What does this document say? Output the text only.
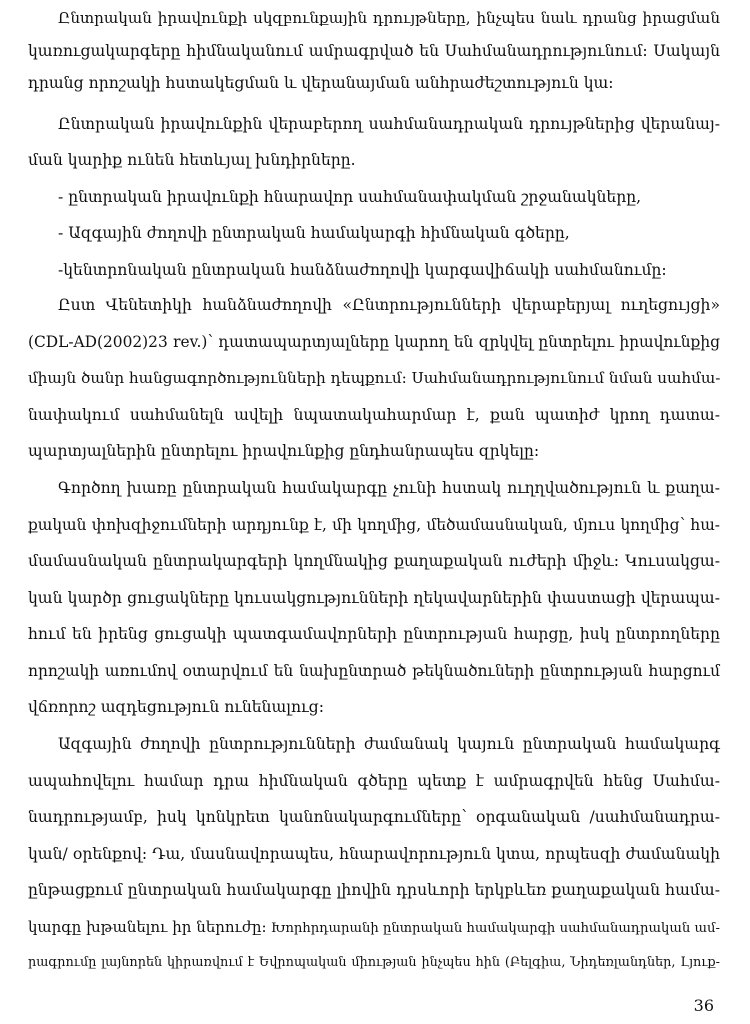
Ընտրական իրավունքի սկզբունքային դրույթները, ինչպես նաև դրանց իրացման
կառուցակարգերը հիմնականում ամրագրված են Սահմանադրությունում: Սակայն
դրանց որոշակի հստակեցման և վերանայման անհրաժեշտություն կա:
Ընտրական իրավունքին վերաբերող սահմանադրական դրույթներից վերանայ-
ման կարիք ունեն հետևյալ խնդիրները.
- ընտրական իրավունքի հնարավոր սահմանափակման շրջանակները,
- Ազգային ժողովի ընտրական համակարգի հիմնական գծերը,
-կենտրոնական ընտրական հանձնաժողովի կարգավիճակի սահմանումը:
Ըստ Վենետիկի հանձնաժողովի «Ընտրությունների վերաբերյալ ուղեցույցի»
(CDL-AD(2002)23 rev.)՝ դատապարտյալները կարող են զրկվել ընտրելու իրավունքից
միայն ծանր հանցագործությունների դեպքում: Սահմանադրությունում նման սահմա-
նափակում սահմանելն ավելի նպատակահարմար է, քան պատիժ կրող դատա-
պարտյալներին ընտրելու իրավունքից ընդհանրապես զրկելը:
Գործող խառը ընտրական համակարգը չունի հստակ ուղղվածություն և քաղա-
քական փոխզիջումների արդյունք է, մի կողմից, մեծամասնական, մյուս կողմից՝ հա-
մամասնական ընտրակարգերի կողմնակից քաղաքական ուժերի միջև: Կուսակցա-
կան կարծր ցուցակները կուսակցությունների ղեկավարներին փաստացի վերապա-
հում են իրենց ցուցակի պատգամավորների ընտրության հարցը, իսկ ընտրողները
որոշակի առումով օտարվում են նախընտրած թեկնածուների ընտրության հարցում
վճռորոշ ազդեցություն ունենալուց:
Ազգային ժողովի ընտրությունների ժամանակ կայուն ընտրական համակարգ
ապահովելու համար դրա հիմնական գծերը պետք է ամրագրվեն հենց Սահմա-
նադրությամբ, իսկ կոնկրետ կանոնակարգումները՝ օրգանական /սահմանադրա-
կան/ օրենքով: Դա, մասնավորապես, հնարավորություն կտա, որպեսզի ժամանակի
ընթացքում ընտրական համակարգը լիովին դրսևորի երկբևեռ քաղաքական համա-
կարգը խթանելու իր ներուժը: Խորհրդարանի ընտրական համակարգի սահմանադրական ամ-
րագրումը լայնորեն կիրառվում է Եվրոպական միության ինչպես հին (Բելգիա, Նիդեռլանդներ, Լյուք-
36
